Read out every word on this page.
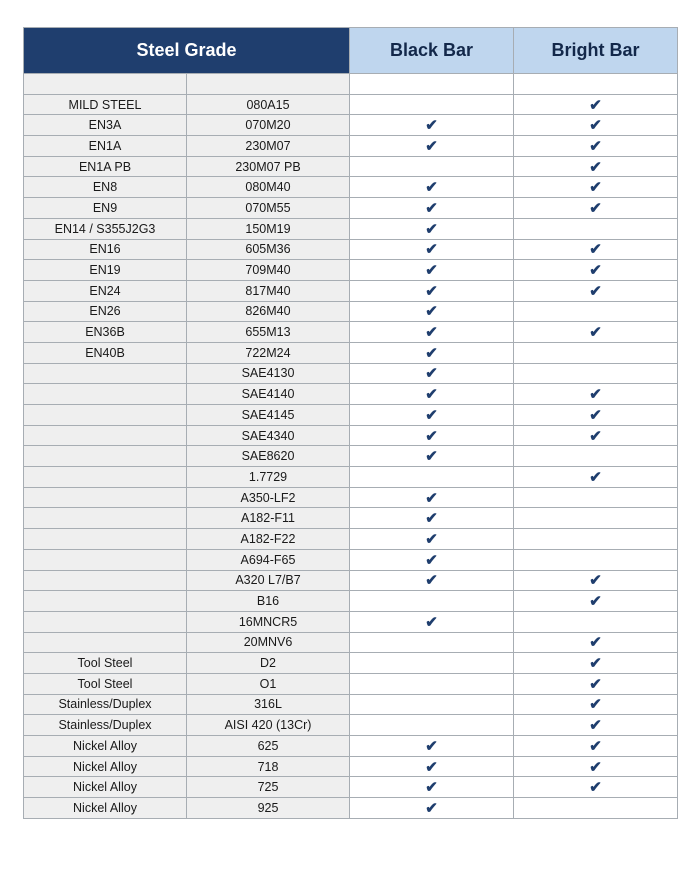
Steel Grade		Black Bar	Bright Bar

MILD STEEL	080A15		✔
EN3A	070M20	✔	✔
EN1A	230M07	✔	✔
EN1A PB	230M07 PB		✔
EN8	080M40	✔	✔
EN9	070M55	✔	✔
EN14 / S355J2G3	150M19	✔	
EN16	605M36	✔	✔
EN19	709M40	✔	✔
EN24	817M40	✔	✔
EN26	826M40	✔	
EN36B	655M13	✔	✔
EN40B	722M24	✔	
	SAE4130	✔	
	SAE4140	✔	✔
	SAE4145	✔	✔
	SAE4340	✔	✔
	SAE8620	✔	
	1.7729		✔
	A350-LF2	✔	
	A182-F11	✔	
	A182-F22	✔	
	A694-F65	✔	
	A320 L7/B7	✔	✔
	B16		✔
	16MNCR5	✔	
	20MNV6		✔
Tool Steel	D2		✔
Tool Steel	O1		✔
Stainless/Duplex	316L		✔
Stainless/Duplex	AISI 420 (13Cr)		✔
Nickel Alloy	625	✔	✔
Nickel Alloy	718	✔	✔
Nickel Alloy	725	✔	✔
Nickel Alloy	925	✔	
